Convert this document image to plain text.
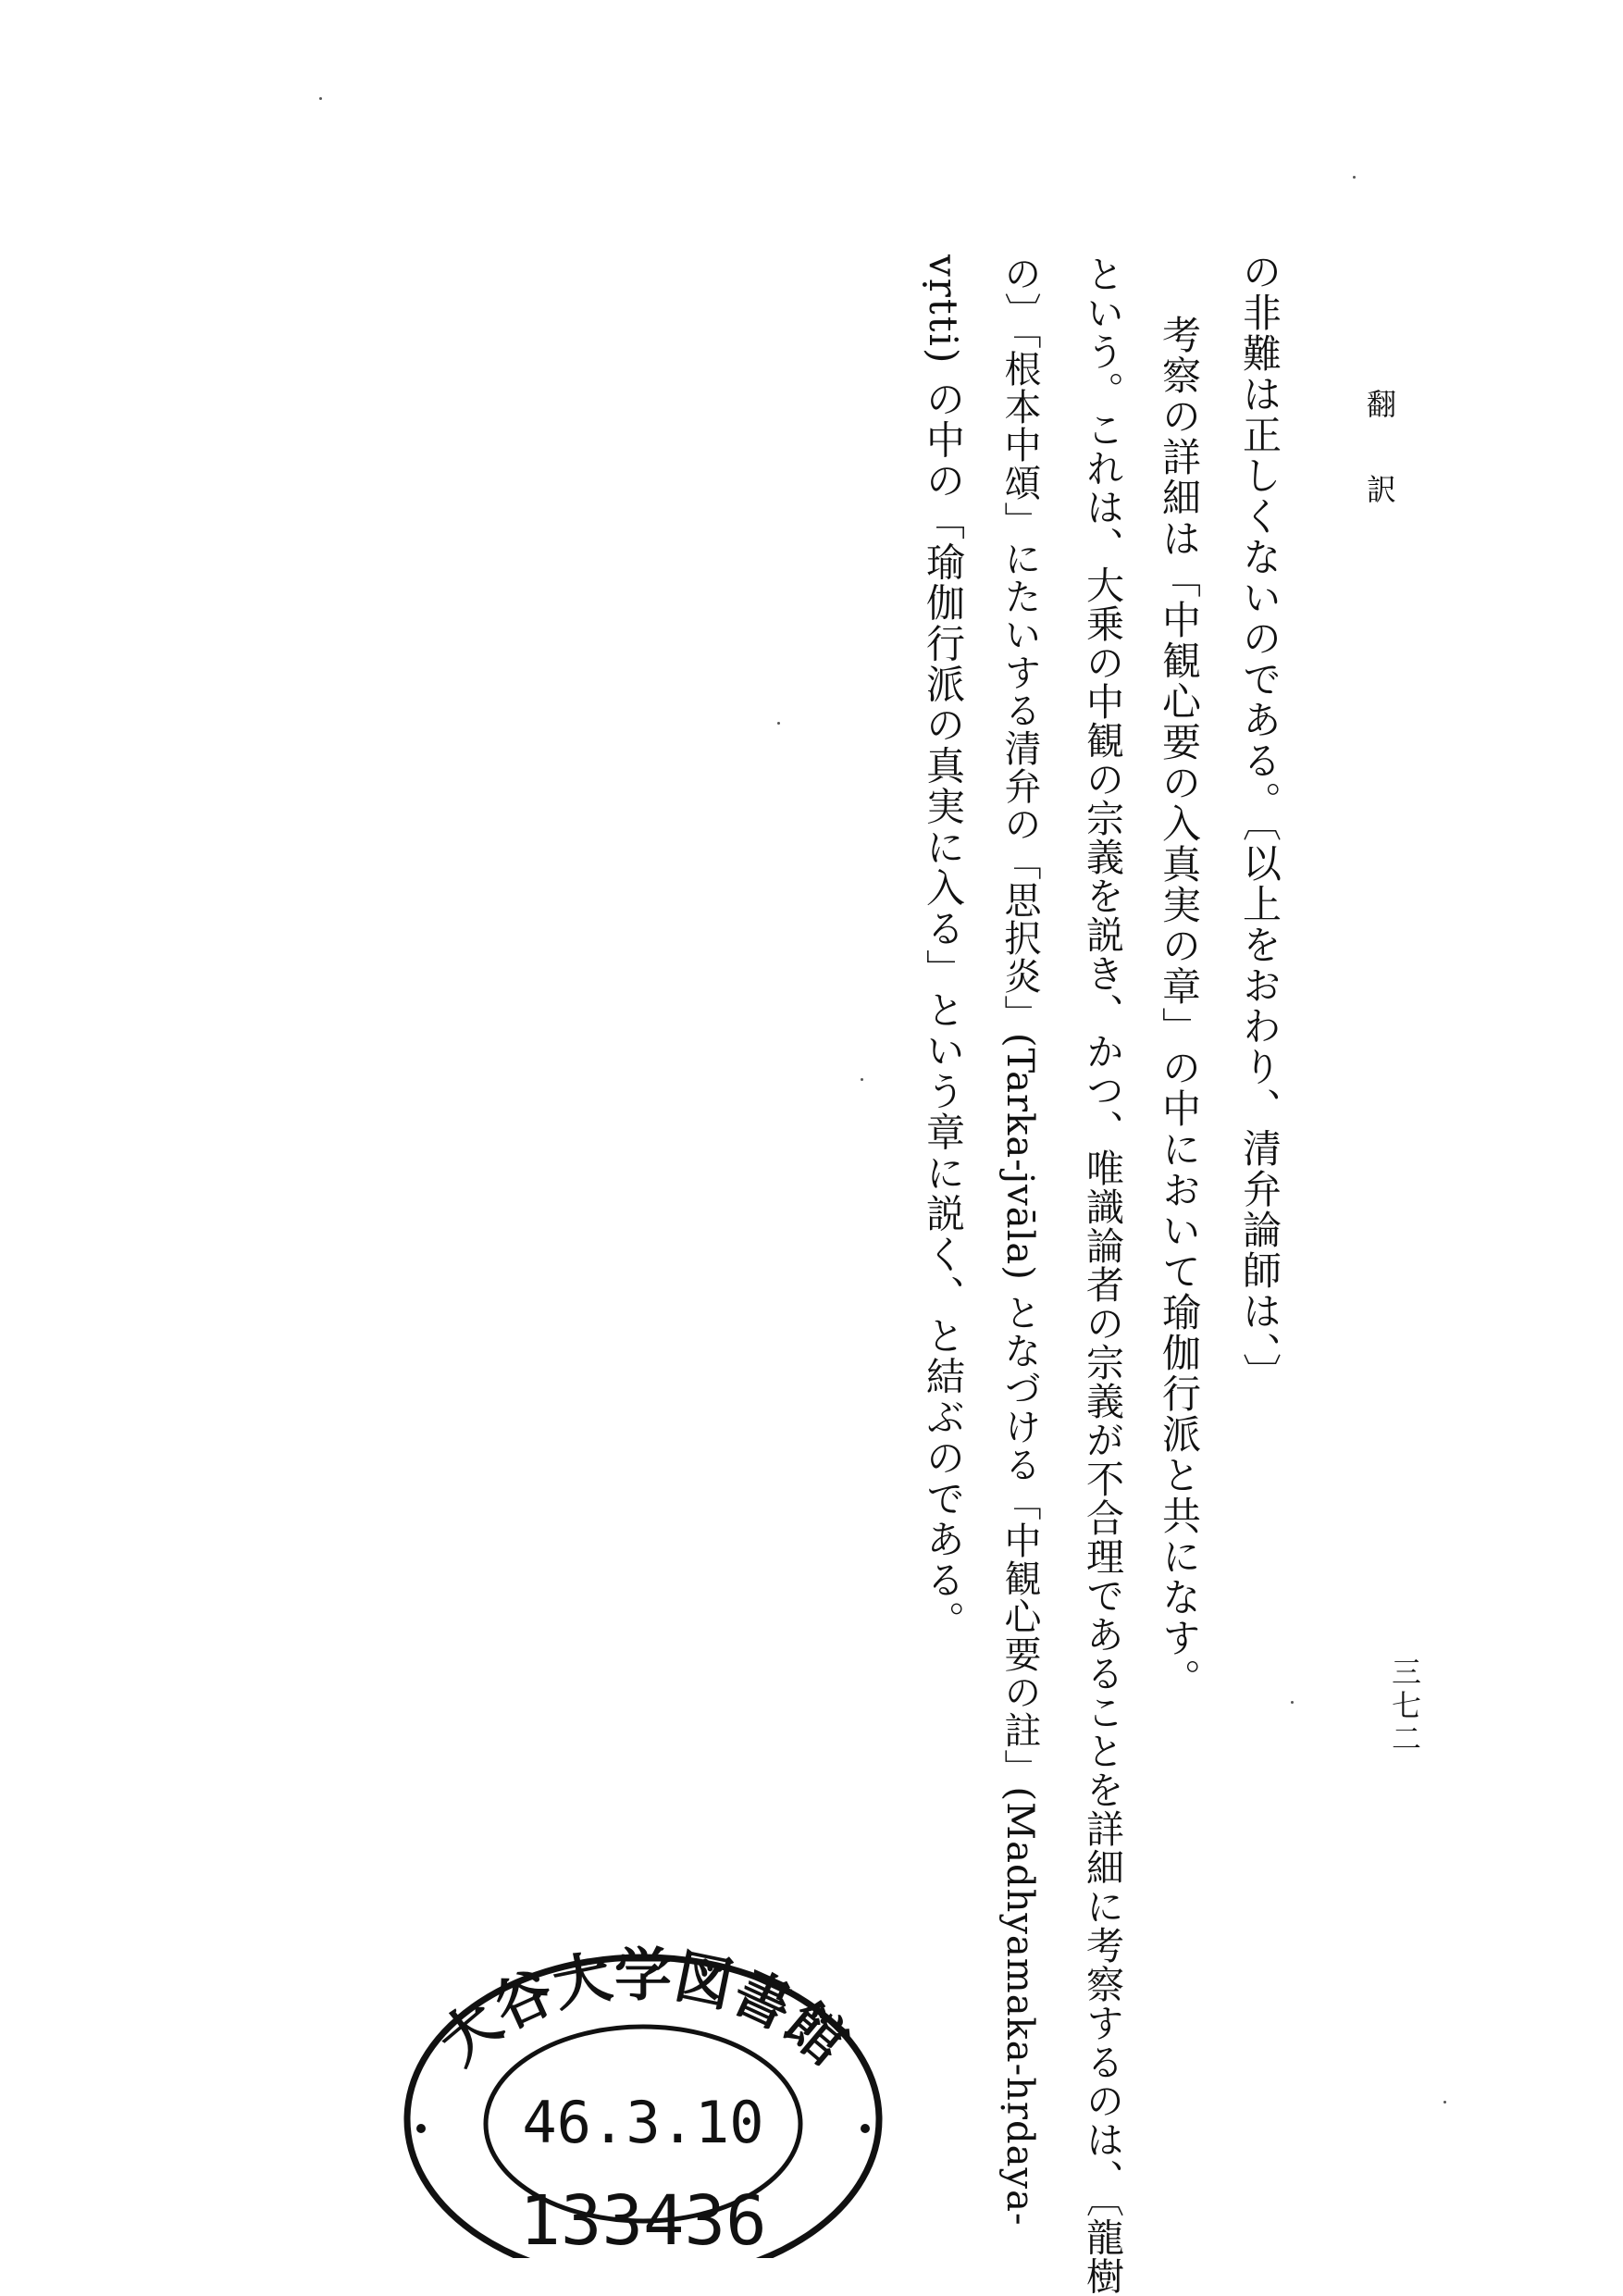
翻訳
三七二
の非難は正しくないのである。〔以上をおわり、清弁論師は、〕
考察の詳細は「中観心要の入真実の章」の中において瑜伽行派と共になす。
という。これは、大乗の中観の宗義を説き、かつ、唯識論者の宗義が不合理であることを詳細に考察するのは、〔龍樹
の〕「根本中頌」にたいする清弁の「思択炎」(Tarka-jvāla) となづける「中観心要の註」(Madhyamaka-hṛdaya-
vṛtti) の中の「瑜伽行派の真実に入る」という章に説く、と結ぶのである。
大谷大学図書館
46.3.10
133436
